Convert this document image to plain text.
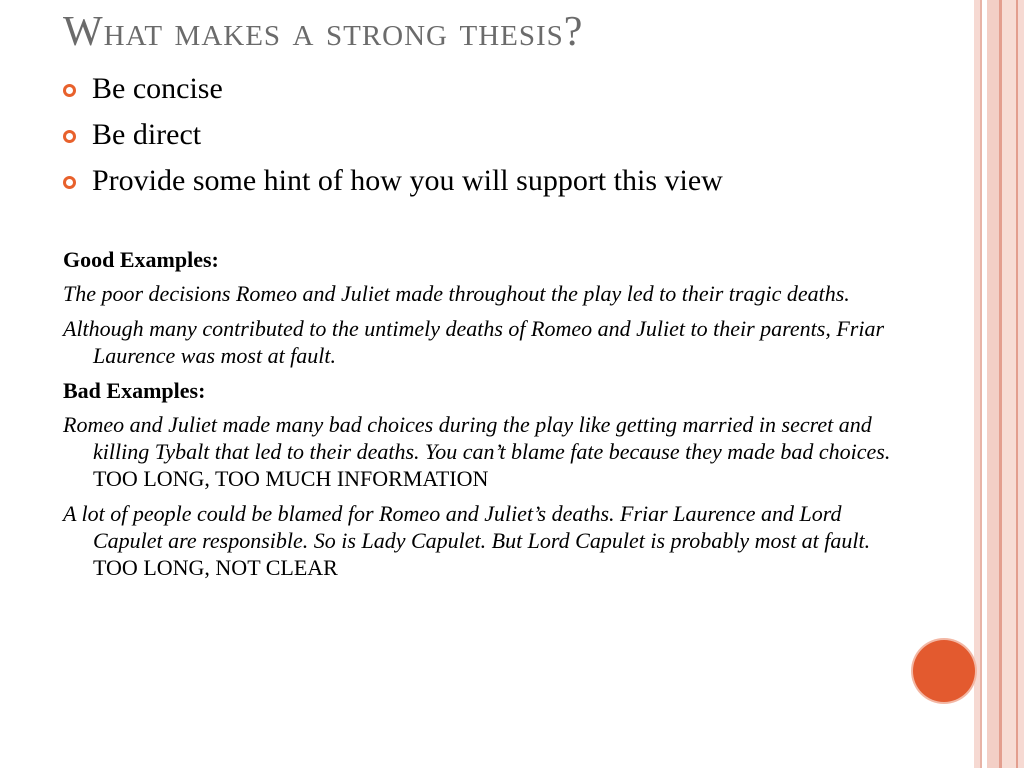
What makes a strong thesis?
Be concise
Be direct
Provide some hint of how you will support this view
Good Examples:
The poor decisions Romeo and Juliet made throughout the play led to their tragic deaths.
Although many contributed to the untimely deaths of Romeo and Juliet to their parents, Friar Laurence was most at fault.
Bad Examples:
Romeo and Juliet made many bad choices during the play like getting married in secret and killing Tybalt that led to their deaths. You can’t blame fate because they made bad choices. TOO LONG, TOO MUCH INFORMATION
A lot of people could be blamed for Romeo and Juliet’s deaths. Friar Laurence and Lord Capulet are responsible. So is Lady Capulet. But Lord Capulet is probably most at fault. TOO LONG, NOT CLEAR
